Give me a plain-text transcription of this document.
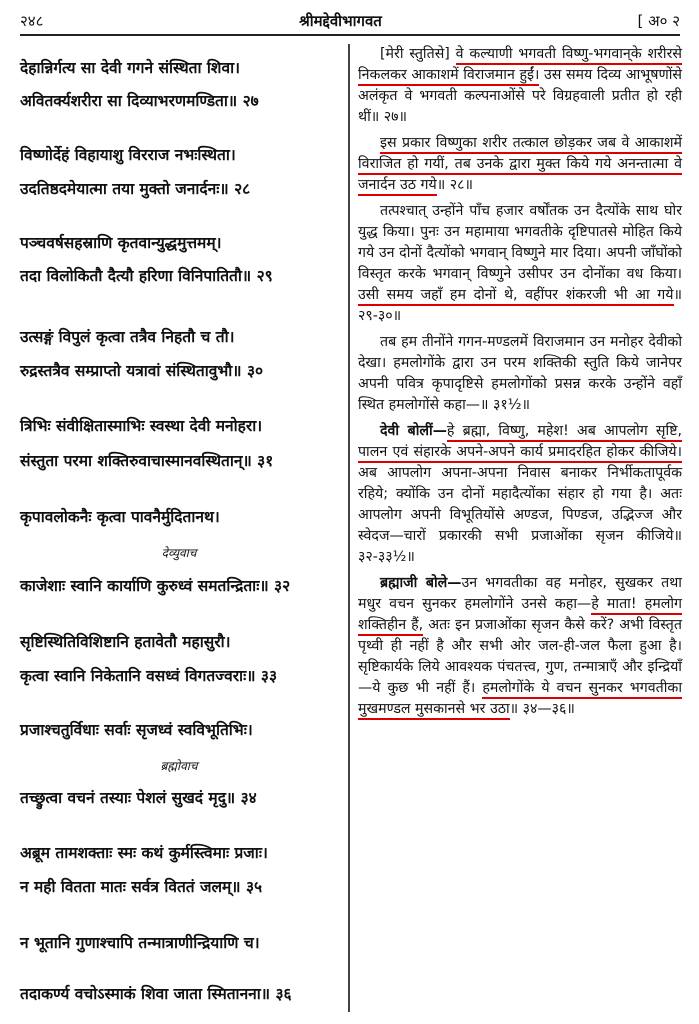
२४८	श्रीमद्देवीभागवत	[ अ० २
देहान्निर्गत्य सा देवी गगने संस्थिता शिवा।
अवितर्क्यशरीरा सा दिव्याभरणमण्डिता॥ २७
विष्णोर्देहं विहायाशु विरराज नभःस्थिता।
उदतिष्ठदमेयात्मा तया मुक्तो जनार्दनः॥ २८
पञ्चवर्षसहस्राणि कृतवान्युद्धमुत्तमम्।
तदा विलोकितौ दैत्यौ हरिणा विनिपातितौ॥ २९
उत्सङ्गं विपुलं कृत्वा तत्रैव निहतौ च तौ।
रुद्रस्तत्रैव सम्प्राप्तो यत्रावां संस्थितावुभौ॥ ३०
त्रिभिः संवीक्षितास्माभिः स्वस्था देवी मनोहरा।
संस्तुता परमा शक्तिरुवाचास्मानवस्थितान्॥ ३१
कृपावलोकनैः कृत्वा पावनैर्मुदितानथ।
देव्युवाच
काजेशाः स्वानि कार्याणि कुरुध्वं समतन्द्रिताः॥ ३२
सृष्टिस्थितिविशिष्टानि हतावेतौ महासुरौ।
कृत्वा स्वानि निकेतानि वसध्वं विगतज्वराः॥ ३३
प्रजाश्चतुर्विधाः सर्वाः सृजध्वं स्वविभूतिभिः।
ब्रह्मोवाच
तच्छ्रुत्वा वचनं तस्याः पेशलं सुखदं मृदु॥ ३४
अब्रूम तामशक्ताः स्मः कथं कुर्मस्त्विमाः प्रजाः।
न मही वितता मातः सर्वत्र विततं जलम्॥ ३५
न भूतानि गुणाश्चापि तन्मात्राणीन्द्रियाणि च।
तदाकर्ण्य वचोऽस्माकं शिवा जाता स्मितानना॥ ३६

[मेरी स्तुतिसे] वे कल्याणी भगवती विष्णु-भगवान्‌के शरीरसे निकलकर आकाशमें विराजमान हुईं। उस समय दिव्य आभूषणोंसे अलंकृत वे भगवती कल्पनाओंसे परे विग्रहवाली प्रतीत हो रही थीं॥ २७॥

इस प्रकार विष्णुका शरीर तत्काल छोड़कर जब वे आकाशमें विराजित हो गयीं, तब उनके द्वारा मुक्त किये गये अनन्तात्मा वे जनार्दन उठ गये॥ २८॥

तत्पश्चात् उन्होंने पाँच हजार वर्षोंतक उन दैत्योंके साथ घोर युद्ध किया। पुनः उन महामाया भगवतीके दृष्टिपातसे मोहित किये गये उन दोनों दैत्योंको भगवान् विष्णुने मार दिया। अपनी जाँघोंको विस्तृत करके भगवान् विष्णुने उसीपर उन दोनोंका वध किया। उसी समय जहाँ हम दोनों थे, वहींपर शंकरजी भी आ गये॥ २९-३०॥

तब हम तीनोंने गगन-मण्डलमें विराजमान उन मनोहर देवीको देखा। हमलोगोंके द्वारा उन परम शक्तिकी स्तुति किये जानेपर अपनी पवित्र कृपादृष्टिसे हमलोगोंको प्रसन्न करके उन्होंने वहाँ स्थित हमलोगोंसे कहा—॥ ३१½॥

देवी बोलीं—हे ब्रह्मा, विष्णु, महेश! अब आपलोग सृष्टि, पालन एवं संहारके अपने-अपने कार्य प्रमादरहित होकर कीजिये। अब आपलोग अपना-अपना निवास बनाकर निर्भीकतापूर्वक रहिये; क्योंकि उन दोनों महादैत्योंका संहार हो गया है। अतः आपलोग अपनी विभूतियोंसे अण्डज, पिण्डज, उद्भिज्ज और स्वेदज—चारों प्रकारकी सभी प्रजाओंका सृजन कीजिये॥ ३२-३३½॥

ब्रह्माजी बोले—उन भगवतीका वह मनोहर, सुखकर तथा मधुर वचन सुनकर हमलोगोंने उनसे कहा—हे माता! हमलोग शक्तिहीन हैं, अतः इन प्रजाओंका सृजन कैसे करें? अभी विस्तृत पृथ्वी ही नहीं है और सभी ओर जल-ही-जल फैला हुआ है। सृष्टिकार्यके लिये आवश्यक पंचतत्त्व, गुण, तन्मात्राएँ और इन्द्रियाँ—ये कुछ भी नहीं हैं। हमलोगोंके ये वचन सुनकर भगवतीका मुखमण्डल मुसकानसे भर उठा॥ ३४—३६॥
